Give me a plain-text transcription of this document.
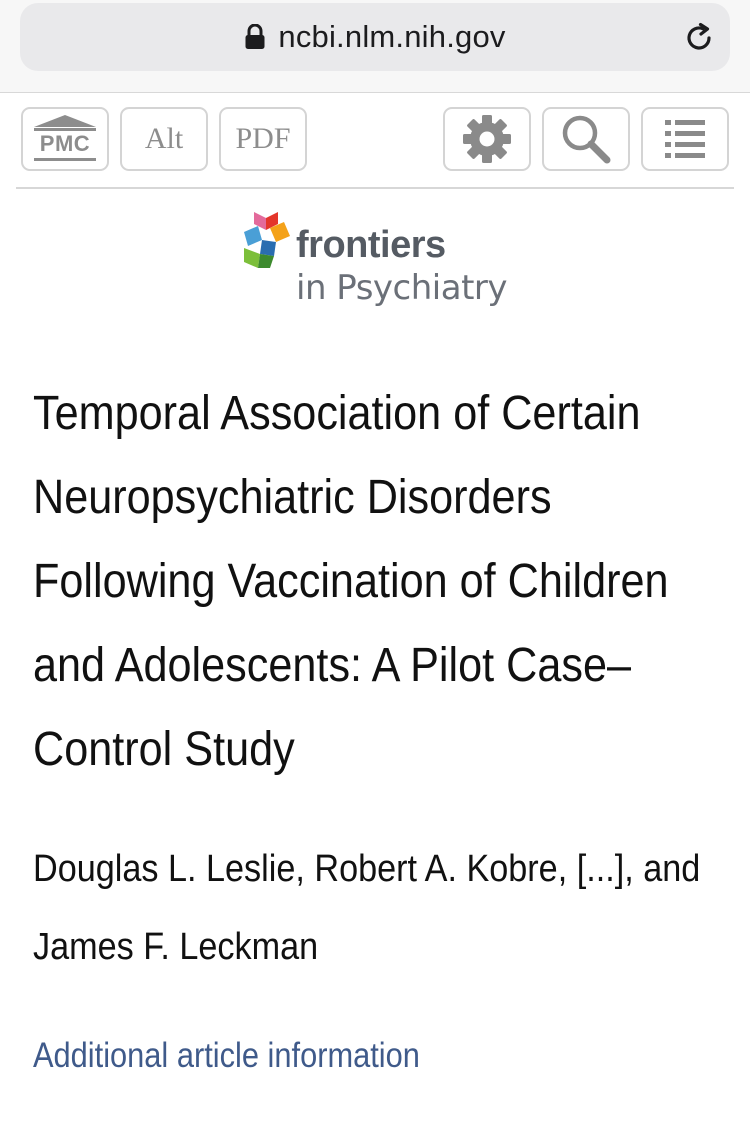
ncbi.nlm.nih.gov
PMC	Alt PDF
frontiers
in Psychiatry
Temporal Association of Certain
Neuropsychiatric Disorders
Following Vaccination of Children
and Adolescents: A Pilot Case–
Control Study
Douglas L. Leslie, Robert A. Kobre, [...], and
James F. Leckman
Additional article information
